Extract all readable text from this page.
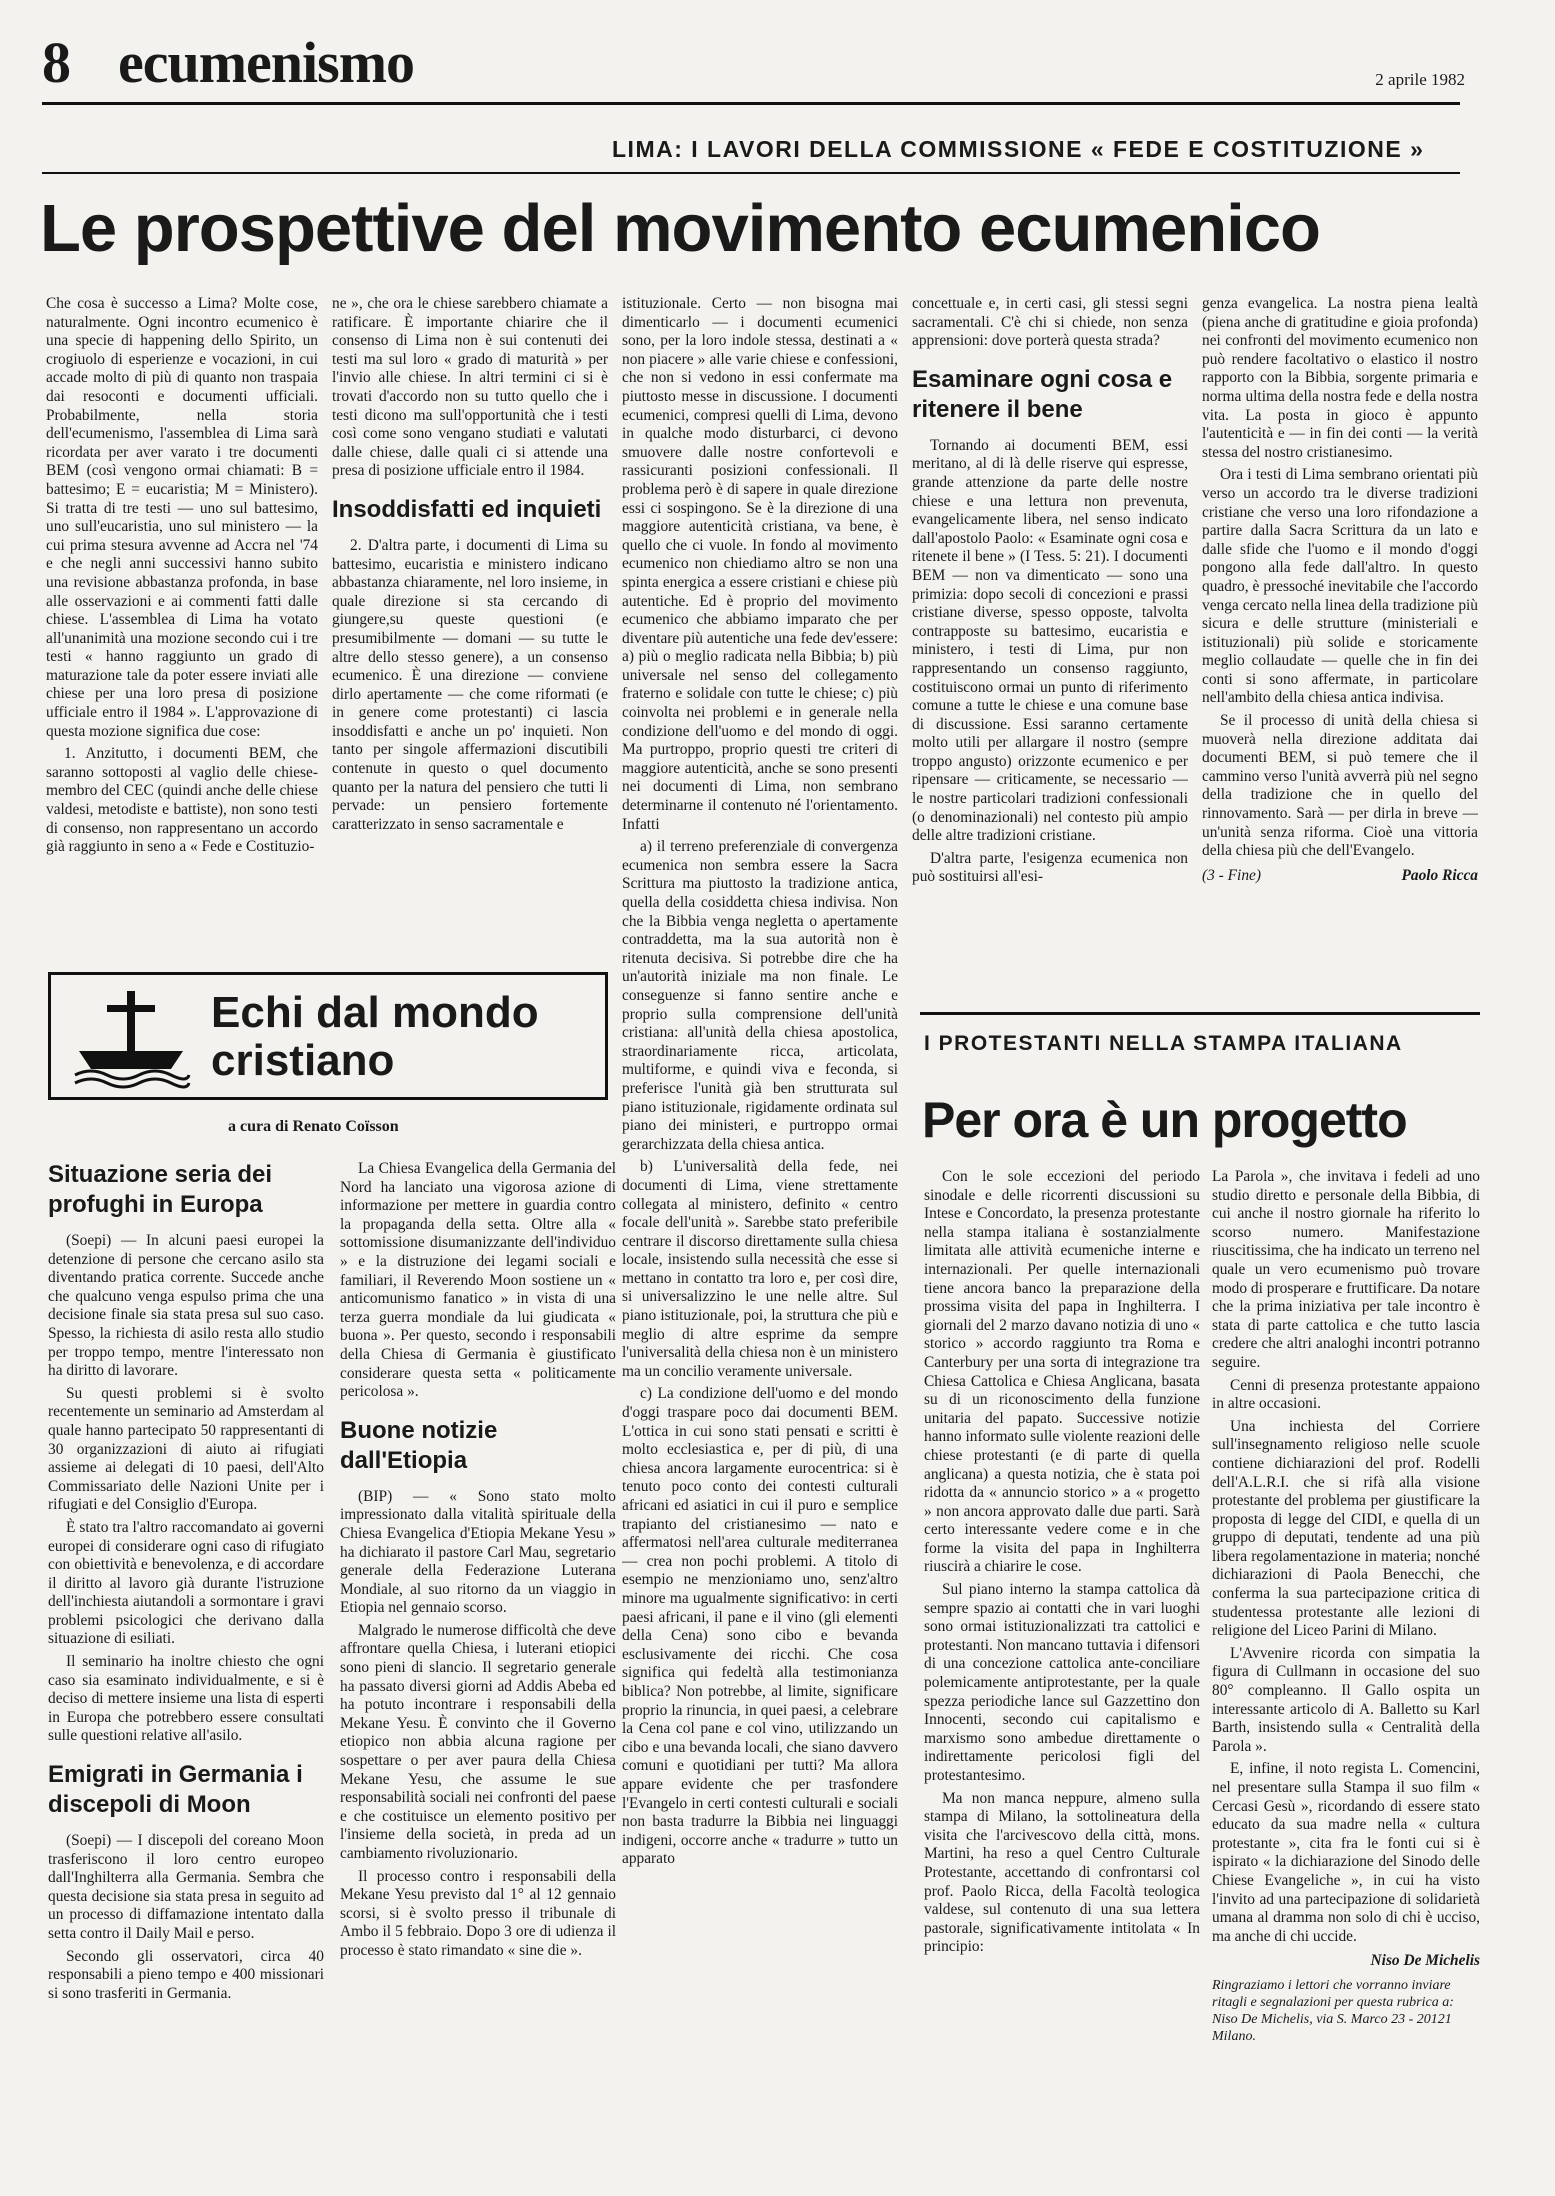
8 ecumenismo	2 aprile 1982
LIMA: I LAVORI DELLA COMMISSIONE « FEDE E COSTITUZIONE »
Le prospettive del movimento ecumenico

Che cosa è successo a Lima? Molte cose, naturalmente. Ogni incontro ecumenico è una specie di happening dello Spirito, un crogiuolo di esperienze e vocazioni, in cui accade molto di più di quanto non traspaia dai resoconti e documenti ufficiali. Probabilmente, nella storia dell'ecumenismo, l'assemblea di Lima sarà ricordata per aver varato i tre documenti BEM (così vengono ormai chiamati: B = battesimo; E = eucaristia; M = Ministero). Si tratta di tre testi — uno sul battesimo, uno sull'eucaristia, uno sul ministero — la cui prima stesura avvenne ad Accra nel '74 e che negli anni successivi hanno subito una revisione abbastanza profonda, in base alle osservazioni e ai commenti fatti dalle chiese. L'assemblea di Lima ha votato all'unanimità una mozione secondo cui i tre testi « hanno raggiunto un grado di maturazione tale da poter essere inviati alle chiese per una loro presa di posizione ufficiale entro il 1984 ». L'approvazione di questa mozione significa due cose:

1. Anzitutto, i documenti BEM, che saranno sottoposti al vaglio delle chiese-membro del CEC (quindi anche delle chiese valdesi, metodiste e battiste), non sono testi di consenso, non rappresentano un accordo già raggiunto in seno a « Fede e Costituzio-

ne », che ora le chiese sarebbero chiamate a ratificare. È importante chiarire che il consenso di Lima non è sui contenuti dei testi ma sul loro « grado di maturità » per l'invio alle chiese. In altri termini ci si è trovati d'accordo non su tutto quello che i testi dicono ma sull'opportunità che i testi così come sono vengano studiati e valutati dalle chiese, dalle quali ci si attende una presa di posizione ufficiale entro il 1984.

Insoddisfatti ed inquieti

2. D'altra parte, i documenti di Lima su battesimo, eucaristia e ministero indicano abbastanza chiaramente, nel loro insieme, in quale direzione si sta cercando di giungere,su queste questioni (e presumibilmente — domani — su tutte le altre dello stesso genere), a un consenso ecumenico. È una direzione — conviene dirlo apertamente — che come riformati (e in genere come protestanti) ci lascia insoddisfatti e anche un po' inquieti. Non tanto per singole affermazioni discutibili contenute in questo o quel documento quanto per la natura del pensiero che tutti li pervade: un pensiero fortemente caratterizzato in senso sacramentale e

istituzionale. Certo — non bisogna mai dimenticarlo — i documenti ecumenici sono, per la loro indole stessa, destinati a « non piacere » alle varie chiese e confessioni, che non si vedono in essi confermate ma piuttosto messe in discussione. I documenti ecumenici, compresi quelli di Lima, devono in qualche modo disturbarci, ci devono smuovere dalle nostre confortevoli e rassicuranti posizioni confessionali. Il problema però è di sapere in quale direzione essi ci sospingono. Se è la direzione di una maggiore autenticità cristiana, va bene, è quello che ci vuole. In fondo al movimento ecumenico non chiediamo altro se non una spinta energica a essere cristiani e chiese più autentiche. Ed è proprio del movimento ecumenico che abbiamo imparato che per diventare più autentiche una fede dev'essere: a) più o meglio radicata nella Bibbia; b) più universale nel senso del collegamento fraterno e solidale con tutte le chiese; c) più coinvolta nei problemi e in generale nella condizione dell'uomo e del mondo di oggi. Ma purtroppo, proprio questi tre criteri di maggiore autenticità, anche se sono presenti nei documenti di Lima, non sembrano determinarne il contenuto né l'orientamento. Infatti

a) il terreno preferenziale di convergenza ecumenica non sembra essere la Sacra Scrittura ma piuttosto la tradizione antica, quella della cosiddetta chiesa indivisa. Non che la Bibbia venga negletta o apertamente contraddetta, ma la sua autorità non è ritenuta decisiva. Si potrebbe dire che ha un'autorità iniziale ma non finale. Le conseguenze si fanno sentire anche e proprio sulla comprensione dell'unità cristiana: all'unità della chiesa apostolica, straordinariamente ricca, articolata, multiforme, e quindi viva e feconda, si preferisce l'unità già ben strutturata sul piano istituzionale, rigidamente ordinata sul piano dei ministeri, e purtroppo ormai gerarchizzata della chiesa antica.

b) L'universalità della fede, nei documenti di Lima, viene strettamente collegata al ministero, definito « centro focale dell'unità ». Sarebbe stato preferibile centrare il discorso direttamente sulla chiesa locale, insistendo sulla necessità che esse si mettano in contatto tra loro e, per così dire, si universalizzino le une nelle altre. Sul piano istituzionale, poi, la struttura che più e meglio di altre esprime da sempre l'universalità della chiesa non è un ministero ma un concilio veramente universale.

c) La condizione dell'uomo e del mondo d'oggi traspare poco dai documenti BEM. L'ottica in cui sono stati pensati e scritti è molto ecclesiastica e, per di più, di una chiesa ancora largamente eurocentrica: si è tenuto poco conto dei contesti culturali africani ed asiatici in cui il puro e semplice trapianto del cristianesimo — nato e affermatosi nell'area culturale mediterranea — crea non pochi problemi. A titolo di esempio ne menzioniamo uno, senz'altro minore ma ugualmente significativo: in certi paesi africani, il pane e il vino (gli elementi della Cena) sono cibo e bevanda esclusivamente dei ricchi. Che cosa significa qui fedeltà alla testimonianza biblica? Non potrebbe, al limite, significare proprio la rinuncia, in quei paesi, a celebrare la Cena col pane e col vino, utilizzando un cibo e una bevanda locali, che siano davvero comuni e quotidiani per tutti? Ma allora appare evidente che per trasfondere l'Evangelo in certi contesti culturali e sociali non basta tradurre la Bibbia nei linguaggi indigeni, occorre anche « tradurre » tutto un apparato

concettuale e, in certi casi, gli stessi segni sacramentali. C'è chi si chiede, non senza apprensioni: dove porterà questa strada?

Esaminare ogni cosa e ritenere il bene

Tornando ai documenti BEM, essi meritano, al di là delle riserve qui espresse, grande attenzione da parte delle nostre chiese e una lettura non prevenuta, evangelicamente libera, nel senso indicato dall'apostolo Paolo: « Esaminate ogni cosa e ritenete il bene » (I Tess. 5: 21). I documenti BEM — non va dimenticato — sono una primizia: dopo secoli di concezioni e prassi cristiane diverse, spesso opposte, talvolta contrapposte su battesimo, eucaristia e ministero, i testi di Lima, pur non rappresentando un consenso raggiunto, costituiscono ormai un punto di riferimento comune a tutte le chiese e una comune base di discussione. Essi saranno certamente molto utili per allargare il nostro (sempre troppo angusto) orizzonte ecumenico e per ripensare — criticamente, se necessario — le nostre particolari tradizioni confessionali (o denominazionali) nel contesto più ampio delle altre tradizioni cristiane.

D'altra parte, l'esigenza ecumenica non può sostituirsi all'esi-

genza evangelica. La nostra piena lealtà (piena anche di gratitudine e gioia profonda) nei confronti del movimento ecumenico non può rendere facoltativo o elastico il nostro rapporto con la Bibbia, sorgente primaria e norma ultima della nostra fede e della nostra vita. La posta in gioco è appunto l'autenticità e — in fin dei conti — la verità stessa del nostro cristianesimo.

Ora i testi di Lima sembrano orientati più verso un accordo tra le diverse tradizioni cristiane che verso una loro rifondazione a partire dalla Sacra Scrittura da un lato e dalle sfide che l'uomo e il mondo d'oggi pongono alla fede dall'altro. In questo quadro, è pressoché inevitabile che l'accordo venga cercato nella linea della tradizione più sicura e delle strutture (ministeriali e istituzionali) più solide e storicamente meglio collaudate — quelle che in fin dei conti si sono affermate, in particolare nell'ambito della chiesa antica indivisa.

Se il processo di unità della chiesa si muoverà nella direzione additata dai documenti BEM, si può temere che il cammino verso l'unità avverrà più nel segno della tradizione che in quello del rinnovamento. Sarà — per dirla in breve — un'unità senza riforma. Cioè una vittoria della chiesa più che dell'Evangelo.

(3 - Fine)	Paolo Ricca
Echi dal mondo
cristiano
a cura di Renato Coïsson
Situazione seria dei profughi in Europa

(Soepi) — In alcuni paesi europei la detenzione di persone che cercano asilo sta diventando pratica corrente. Succede anche che qualcuno venga espulso prima che una decisione finale sia stata presa sul suo caso. Spesso, la richiesta di asilo resta allo studio per troppo tempo, mentre l'interessato non ha diritto di lavorare.

Su questi problemi si è svolto recentemente un seminario ad Amsterdam al quale hanno partecipato 50 rappresentanti di 30 organizzazioni di aiuto ai rifugiati assieme ai delegati di 10 paesi, dell'Alto Commissariato delle Nazioni Unite per i rifugiati e del Consiglio d'Europa.

È stato tra l'altro raccomandato ai governi europei di considerare ogni caso di rifugiato con obiettività e benevolenza, e di accordare il diritto al lavoro già durante l'istruzione dell'inchiesta aiutandoli a sormontare i gravi problemi psicologici che derivano dalla situazione di esiliati.

Il seminario ha inoltre chiesto che ogni caso sia esaminato individualmente, e si è deciso di mettere insieme una lista di esperti in Europa che potrebbero essere consultati sulle questioni relative all'asilo.

Emigrati in Germania i discepoli di Moon

(Soepi) — I discepoli del coreano Moon trasferiscono il loro centro europeo dall'Inghilterra alla Germania. Sembra che questa decisione sia stata presa in seguito ad un processo di diffamazione intentato dalla setta contro il Daily Mail e perso.

Secondo gli osservatori, circa 40 responsabili a pieno tempo e 400 missionari si sono trasferiti in Germania.

La Chiesa Evangelica della Germania del Nord ha lanciato una vigorosa azione di informazione per mettere in guardia contro la propaganda della setta. Oltre alla « sottomissione disumanizzante dell'individuo » e la distruzione dei legami sociali e familiari, il Reverendo Moon sostiene un « anticomunismo fanatico » in vista di una terza guerra mondiale da lui giudicata « buona ». Per questo, secondo i responsabili della Chiesa di Germania è giustificato considerare questa setta « politicamente pericolosa ».

Buone notizie dall'Etiopia

(BIP) — « Sono stato molto impressionato dalla vitalità spirituale della Chiesa Evangelica d'Etiopia Mekane Yesu » ha dichiarato il pastore Carl Mau, segretario generale della Federazione Luterana Mondiale, al suo ritorno da un viaggio in Etiopia nel gennaio scorso.

Malgrado le numerose difficoltà che deve affrontare quella Chiesa, i luterani etiopici sono pieni di slancio. Il segretario generale ha passato diversi giorni ad Addis Abeba ed ha potuto incontrare i responsabili della Mekane Yesu. È convinto che il Governo etiopico non abbia alcuna ragione per sospettare o per aver paura della Chiesa Mekane Yesu, che assume le sue responsabilità sociali nei confronti del paese e che costituisce un elemento positivo per l'insieme della società, in preda ad un cambiamento rivoluzionario.

Il processo contro i responsabili della Mekane Yesu previsto dal 1° al 12 gennaio scorsi, si è svolto presso il tribunale di Ambo il 5 febbraio. Dopo 3 ore di udienza il processo è stato rimandato « sine die ».

I PROTESTANTI NELLA STAMPA ITALIANA
Per ora è un progetto

Con le sole eccezioni del periodo sinodale e delle ricorrenti discussioni su Intese e Concordato, la presenza protestante nella stampa italiana è sostanzialmente limitata alle attività ecumeniche interne e internazionali. Per quelle internazionali tiene ancora banco la preparazione della prossima visita del papa in Inghilterra. I giornali del 2 marzo davano notizia di uno « storico » accordo raggiunto tra Roma e Canterbury per una sorta di integrazione tra Chiesa Cattolica e Chiesa Anglicana, basata su di un riconoscimento della funzione unitaria del papato. Successive notizie hanno informato sulle violente reazioni delle chiese protestanti (e di parte di quella anglicana) a questa notizia, che è stata poi ridotta da « annuncio storico » a « progetto » non ancora approvato dalle due parti. Sarà certo interessante vedere come e in che forme la visita del papa in Inghilterra riuscirà a chiarire le cose.

Sul piano interno la stampa cattolica dà sempre spazio ai contatti che in vari luoghi sono ormai istituzionalizzati tra cattolici e protestanti. Non mancano tuttavia i difensori di una concezione cattolica ante-conciliare polemicamente antiprotestante, per la quale spezza periodiche lance sul Gazzettino don Innocenti, secondo cui capitalismo e marxismo sono ambedue direttamente o indirettamente pericolosi figli del protestantesimo.

Ma non manca neppure, almeno sulla stampa di Milano, la sottolineatura della visita che l'arcivescovo della città, mons. Martini, ha reso a quel Centro Culturale Protestante, accettando di confrontarsi col prof. Paolo Ricca, della Facoltà teologica valdese, sul contenuto di una sua lettera pastorale, significativamente intitolata « In principio:

La Parola », che invitava i fedeli ad uno studio diretto e personale della Bibbia, di cui anche il nostro giornale ha riferito lo scorso numero. Manifestazione riuscitissima, che ha indicato un terreno nel quale un vero ecumenismo può trovare modo di prosperare e fruttificare. Da notare che la prima iniziativa per tale incontro è stata di parte cattolica e che tutto lascia credere che altri analoghi incontri potranno seguire.

Cenni di presenza protestante appaiono in altre occasioni.

Una inchiesta del Corriere sull'insegnamento religioso nelle scuole contiene dichiarazioni del prof. Rodelli dell'A.L.R.I. che si rifà alla visione protestante del problema per giustificare la proposta di legge del CIDI, e quella di un gruppo di deputati, tendente ad una più libera regolamentazione in materia; nonché dichiarazioni di Paola Benecchi, che conferma la sua partecipazione critica di studentessa protestante alle lezioni di religione del Liceo Parini di Milano.

L'Avvenire ricorda con simpatia la figura di Cullmann in occasione del suo 80° compleanno. Il Gallo ospita un interessante articolo di A. Balletto su Karl Barth, insistendo sulla « Centralità della Parola ».

E, infine, il noto regista L. Comencini, nel presentare sulla Stampa il suo film « Cercasi Gesù », ricordando di essere stato educato da sua madre nella « cultura protestante », cita fra le fonti cui si è ispirato « la dichiarazione del Sinodo delle Chiese Evangeliche », in cui ha visto l'invito ad una partecipazione di solidarietà umana al dramma non solo di chi è ucciso, ma anche di chi uccide.

Niso De Michelis
Ringraziamo i lettori che vorranno inviare ritagli e segnalazioni per questa rubrica a: Niso De Michelis, via S. Marco 23 - 20121 Milano.
